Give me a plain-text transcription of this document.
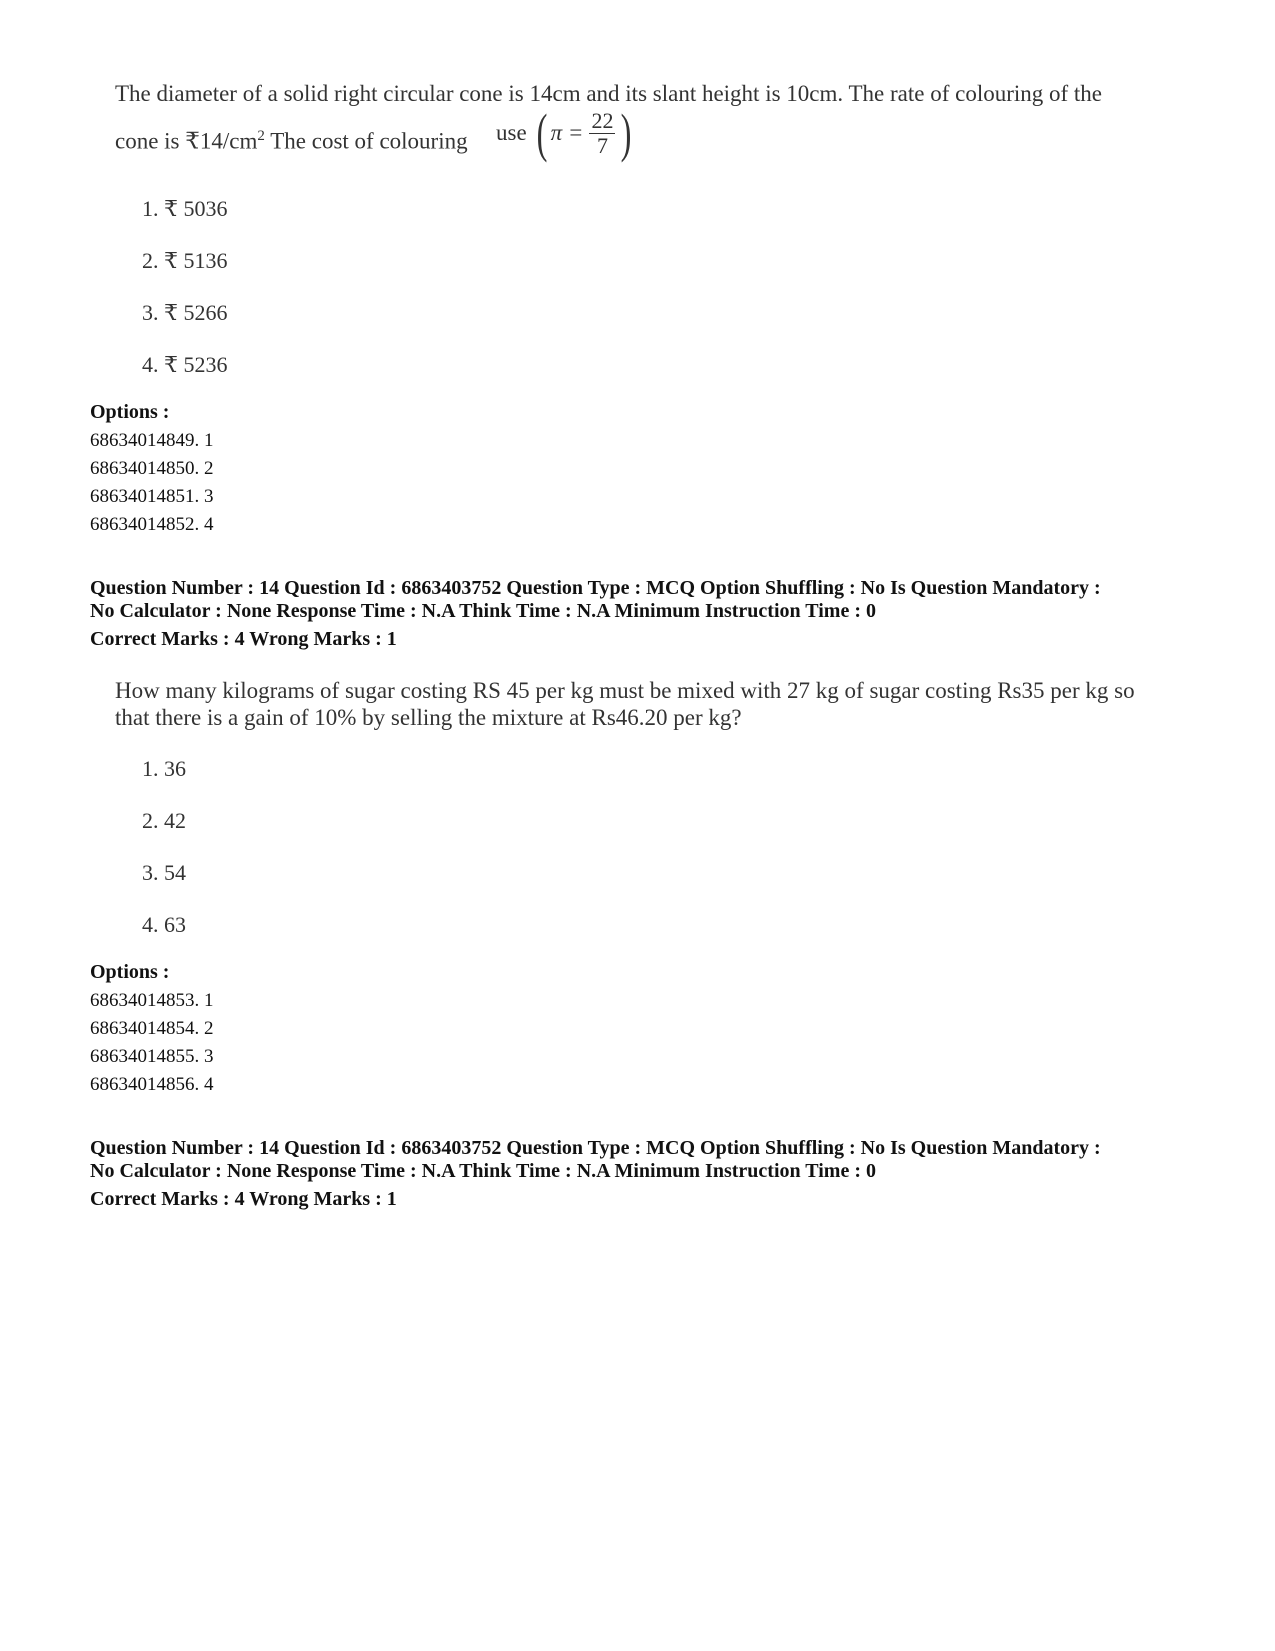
The diameter of a solid right circular cone is 14cm and its slant height is 10cm. The rate of colouring of the
cone is $₹14/cm^2$ The cost of colouring use ( $\pi = \frac{22}{7}$ )
1. ₹ 5036
2. ₹ 5136
3. ₹ 5266
4. ₹ 5236
Options :
68634014849. 1
68634014850. 2
68634014851. 3
68634014852. 4
Question Number : 14 Question Id : 6863403752 Question Type : MCQ Option Shuffling : No Is Question Mandatory :
No Calculator : None Response Time : N.A Think Time : N.A Minimum Instruction Time : 0
Correct Marks : 4 Wrong Marks : 1
How many kilograms of sugar costing RS 45 per kg must be mixed with 27 kg of sugar costing Rs35 per kg so
that there is a gain of 10% by selling the mixture at Rs46.20 per kg?
1. 36
2. 42
3. 54
4. 63
Options :
68634014853. 1
68634014854. 2
68634014855. 3
68634014856. 4
Question Number : 14 Question Id : 6863403752 Question Type : MCQ Option Shuffling : No Is Question Mandatory :
No Calculator : None Response Time : N.A Think Time : N.A Minimum Instruction Time : 0
Correct Marks : 4 Wrong Marks : 1
